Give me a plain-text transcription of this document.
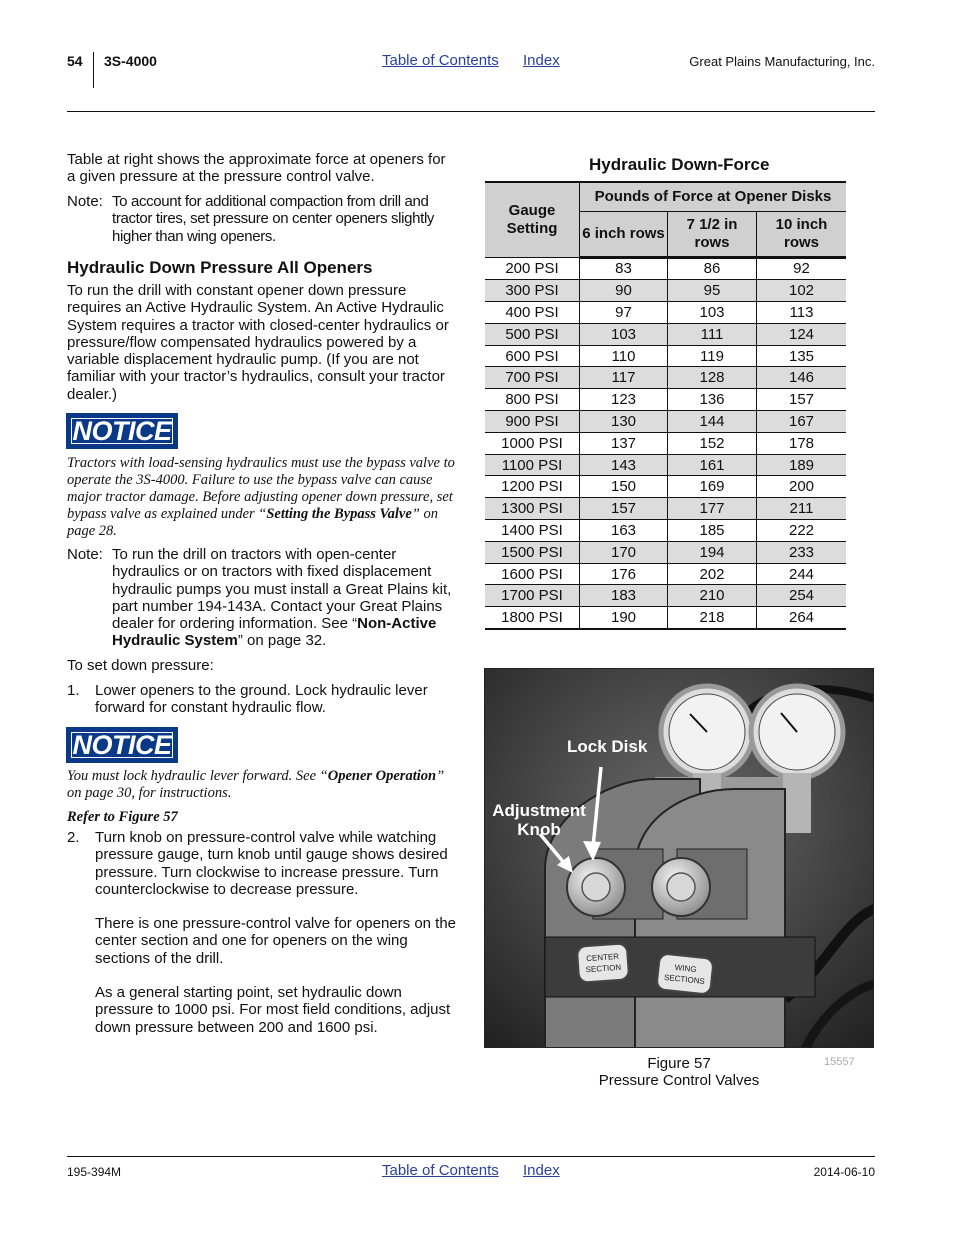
54 3S-4000	Table of Contents Index	Great Plains Manufacturing, Inc.

Table at right shows the approximate force at openers for a given pressure at the pressure control valve.

Note: To account for additional compaction from drill and tractor tires, set pressure on center openers slightly higher than wing openers.
Hydraulic Down Pressure All Openers

To run the drill with constant opener down pressure requires an Active Hydraulic System. An Active Hydraulic System requires a tractor with closed-center hydraulics or pressure/flow compensated hydraulics powered by a variable displacement hydraulic pump. (If you are not familiar with your tractor’s hydraulics, consult your tractor dealer.)

NOTICE

Tractors with load-sensing hydraulics must use the bypass valve to operate the 3S-4000. Failure to use the bypass valve can cause major tractor damage. Before adjusting opener down pressure, set bypass valve as explained under “Setting the Bypass Valve” on page 28.

Note: To run the drill on tractors with open-center hydraulics or on tractors with fixed displacement hydraulic pumps you must install a Great Plains kit, part number 194-143A. Contact your Great Plains dealer for ordering information. See “Non-Active Hydraulic System” on page 32.

To set down pressure:

1.	Lower openers to the ground. Lock hydraulic lever forward for constant hydraulic flow.
NOTICE

You must lock hydraulic lever forward. See “Opener Operation” on page 30, for instructions.

Refer to Figure 57

2.	Turn knob on pressure-control valve while watching pressure gauge, turn knob until gauge shows desired pressure. Turn clockwise to increase pressure. Turn counterclockwise to decrease pressure.
There is one pressure-control valve for openers on the center section and one for openers on the wing sections of the drill.
As a general starting point, set hydraulic down pressure to 1000 psi. For most field conditions, adjust down pressure between 200 and 1600 psi.
Hydraulic Down-Force
Gauge Setting	Pounds of Force at Opener Disks		
	6 inch rows	7 1/2 in rows	10 inch rows
200 PSI	83	86	92
300 PSI	90	95	102
400 PSI	97	103	113
500 PSI	103	111	124
600 PSI	110	119	135
700 PSI	117	128	146
800 PSI	123	136	157
900 PSI	130	144	167
1000 PSI	137	152	178
1100 PSI	143	161	189
1200 PSI	150	169	200
1300 PSI	157	177	211
1400 PSI	163	185	222
1500 PSI	170	194	233
1600 PSI	176	202	244
1700 PSI	183	210	254
1800 PSI	190	218	264
Lock Disk
Adjustment
Knob
CENTER
SECTION	WING
SECTIONS
Figure 57
Pressure Control Valves
15557
195-394M	Table of Contents Index	2014-06-10
